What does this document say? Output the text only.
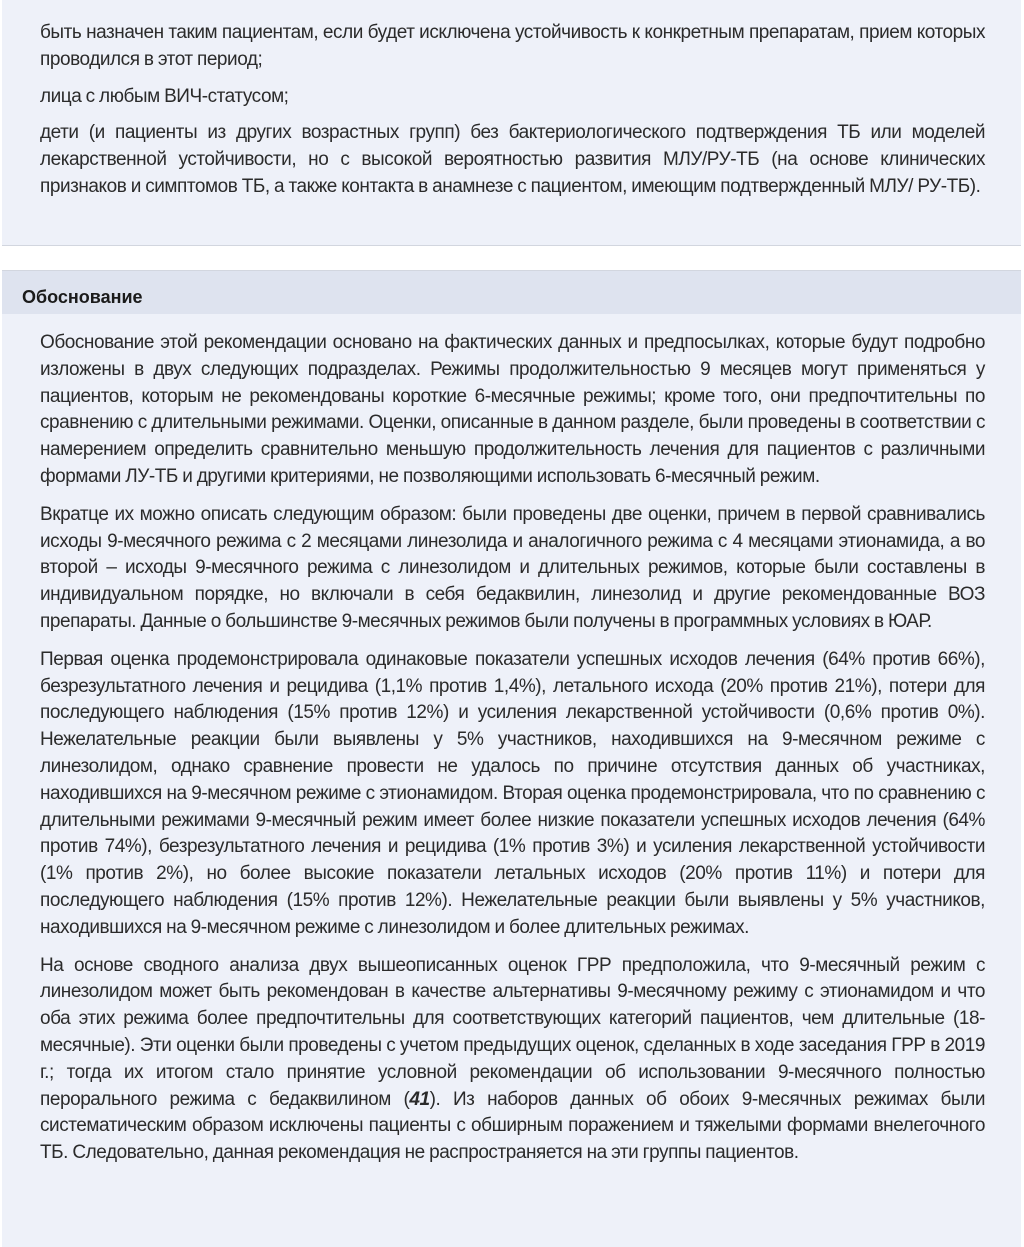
быть назначен таким пациентам, если будет исключена устойчивость к конкретным препаратам, прием которых проводился в этот период;

лица с любым ВИЧ-статусом;

дети (и пациенты из других возрастных групп) без бактериологического подтверждения ТБ или моделей лекарственной устойчивости, но с высокой вероятностью развития МЛУ/РУ-ТБ (на основе клинических признаков и симптомов ТБ, а также контакта в анамнезе с пациентом, имеющим подтвержденный МЛУ/ РУ-ТБ).

Обоснование

Обоснование этой рекомендации основано на фактических данных и предпосылках, которые будут подробно изложены в двух следующих подразделах. Режимы продолжительностью 9 месяцев могут применяться у пациентов, которым не рекомендованы короткие 6-месячные режимы; кроме того, они предпочтительны по сравнению с длительными режимами. Оценки, описанные в данном разделе, были проведены в соответствии с намерением определить сравнительно меньшую продолжительность лечения для пациентов с различными формами ЛУ-ТБ и другими критериями, не позволяющими использовать 6-месячный режим.

Вкратце их можно описать следующим образом: были проведены две оценки, причем в первой сравнивались исходы 9-месячного режима с 2 месяцами линезолида и аналогичного режима с 4 месяцами этионамида, а во второй – исходы 9-месячного режима с линезолидом и длительных режимов, которые были составлены в индивидуальном порядке, но включали в себя бедаквилин, линезолид и другие рекомендованные ВОЗ препараты. Данные о большинстве 9-месячных режимов были получены в программных условиях в ЮАР.

Первая оценка продемонстрировала одинаковые показатели успешных исходов лечения (64% против 66%), безрезультатного лечения и рецидива (1,1% против 1,4%), летального исхода (20% против 21%), потери для последующего наблюдения (15% против 12%) и усиления лекарственной устойчивости (0,6% против 0%). Нежелательные реакции были выявлены у 5% участников, находившихся на 9-месячном режиме с линезолидом, однако сравнение провести не удалось по причине отсутствия данных об участниках, находившихся на 9-месячном режиме с этионамидом. Вторая оценка продемонстрировала, что по сравнению с длительными режимами 9-месячный режим имеет более низкие показатели успешных исходов лечения (64% против 74%), безрезультатного лечения и рецидива (1% против 3%) и усиления лекарственной устойчивости (1% против 2%), но более высокие показатели летальных исходов (20% против 11%) и потери для последующего наблюдения (15% против 12%). Нежелательные реакции были выявлены у 5% участников, находившихся на 9-месячном режиме с линезолидом и более длительных режимах.

На основе сводного анализа двух вышеописанных оценок ГРР предположила, что 9-месячный режим с линезолидом может быть рекомендован в качестве альтернативы 9-месячному режиму с этионамидом и что оба этих режима более предпочтительны для соответствующих категорий пациентов, чем длительные (18-месячные). Эти оценки были проведены с учетом предыдущих оценок, сделанных в ходе заседания ГРР в 2019 г.; тогда их итогом стало принятие условной рекомендации об использовании 9-месячного полностью перорального режима с бедаквилином (41). Из наборов данных об обоих 9-месячных режимах были систематическим образом исключены пациенты с обширным поражением и тяжелыми формами внелегочного ТБ. Следовательно, данная рекомендация не распространяется на эти группы пациентов.
